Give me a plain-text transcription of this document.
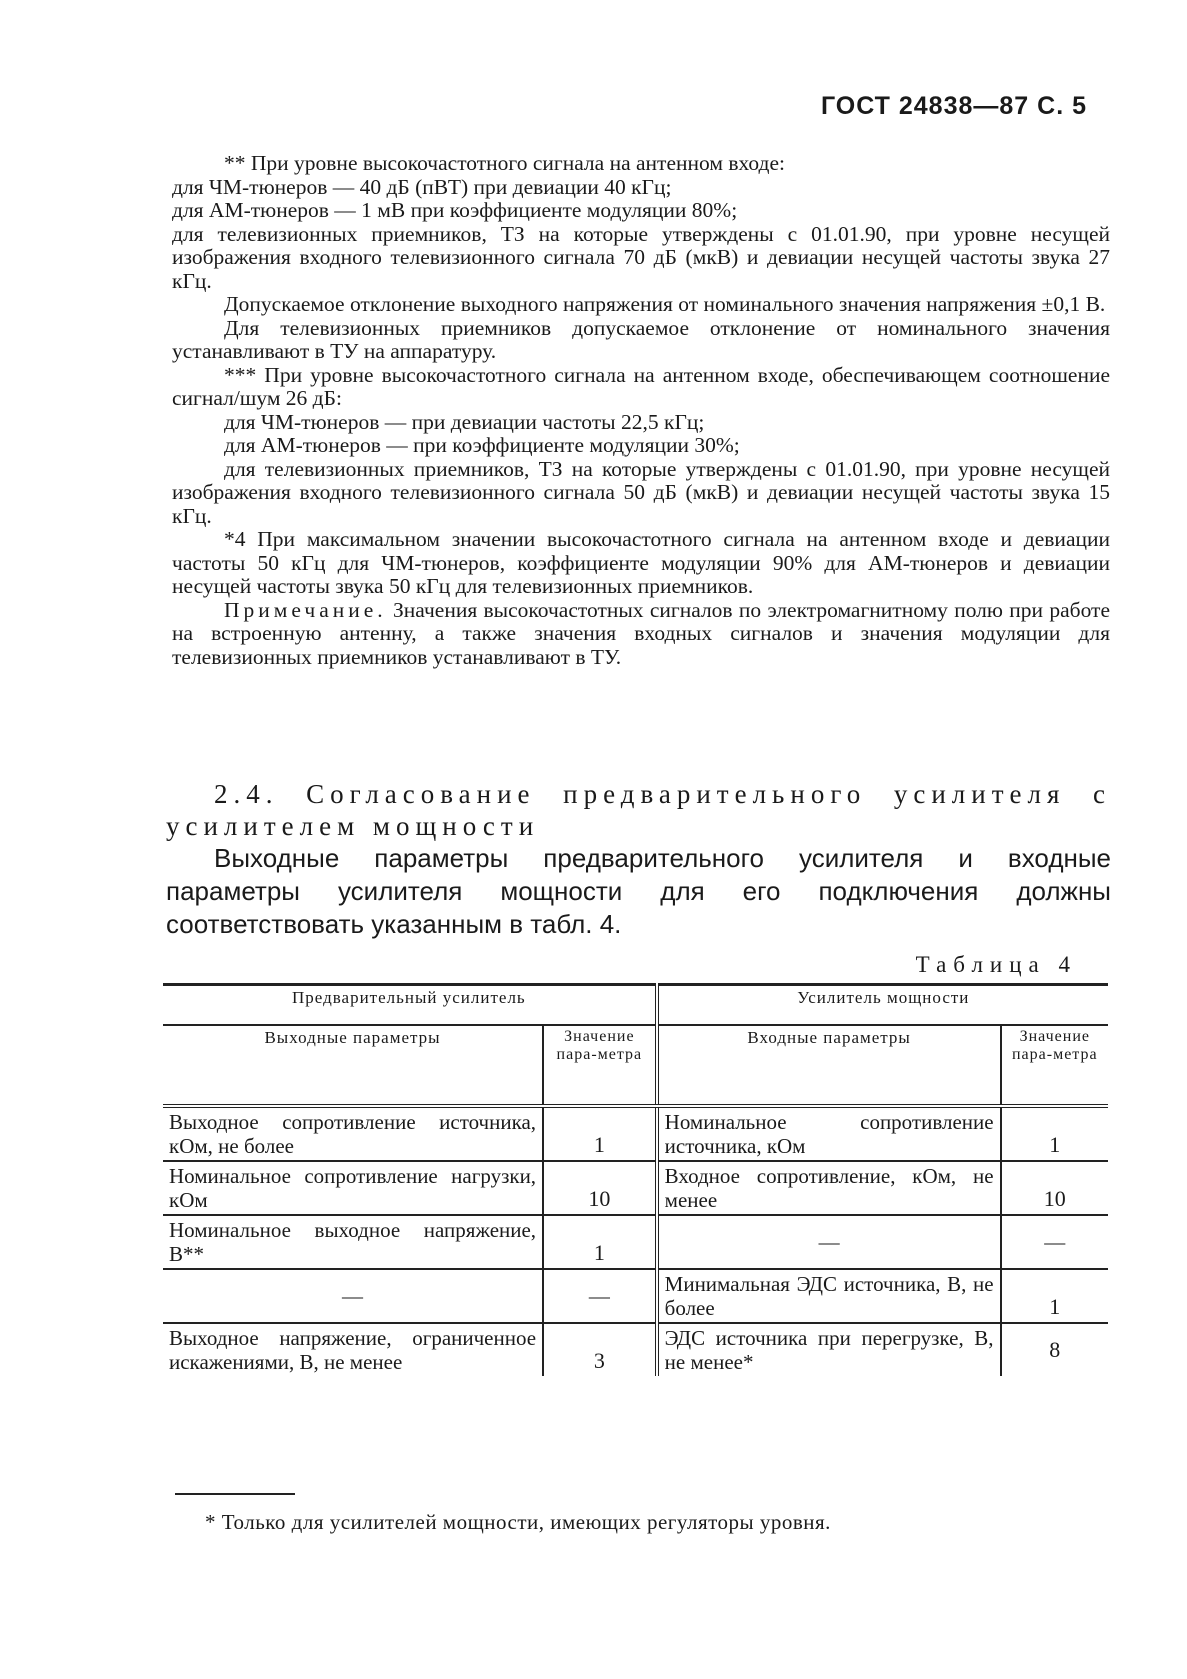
ГОСТ 24838—87 С. 5

** При уровне высокочастотного сигнала на антенном входе:

для ЧМ-тюнеров — 40 дБ (пВТ) при девиации 40 кГц;

для АМ-тюнеров — 1 мВ при коэффициенте модуляции 80%;

для телевизионных приемников, ТЗ на которые утверждены с 01.01.90, при уровне несущей изображения входного телевизионного сигнала 70 дБ (мкВ) и девиации несущей частоты звука 27 кГц.

Допускаемое отклонение выходного напряжения от номинального значения напряжения ±0,1 В.

Для телевизионных приемников допускаемое отклонение от номинального значения устанавливают в ТУ на аппаратуру.

*** При уровне высокочастотного сигнала на антенном входе, обеспечивающем соотношение сигнал/шум 26 дБ:

для ЧМ-тюнеров — при девиации частоты 22,5 кГц;

для АМ-тюнеров — при коэффициенте модуляции 30%;

для телевизионных приемников, ТЗ на которые утверждены с 01.01.90, при уровне несущей изображения входного телевизионного сигнала 50 дБ (мкВ) и девиации несущей частоты звука 15 кГц.

*4 При максимальном значении высокочастотного сигнала на антенном входе и девиации частоты 50 кГц для ЧМ-тюнеров, коэффициенте модуляции 90% для АМ-тюнеров и девиации несущей частоты звука 50 кГц для телевизионных приемников.

Примечание. Значения высокочастотных сигналов по электромагнитному полю при работе на встроенную антенну, а также значения входных сигналов и значения модуляции для телевизионных приемников устанавливают в ТУ.

2.4. Согласование предварительного усилителя с усилителем мощности

Выходные параметры предварительного усилителя и входные параметры усилителя мощности для его подключения должны соответствовать указанным в табл. 4.

Таблица 4
Предварительный усилитель		Усилитель мощности	
Выходные параметры	Значение пара-метра	Входные параметры	Значение пара-метра
Выходное сопротивление источника, кОм, не более	1	Номинальное сопротивление источника, кОм	1
Номинальное сопротивление нагрузки, кОм	10	Входное сопротивление, кОм, не менее	10
Номинальное выходное напряжение, В**	1	—	—
—	—	Минимальная ЭДС источника, В, не более	1
Выходное напряжение, ограниченное искажениями, В, не менее	3	ЭДС источника при перегрузке, В, не менее*	8
* Только для усилителей мощности, имеющих регуляторы уровня.
